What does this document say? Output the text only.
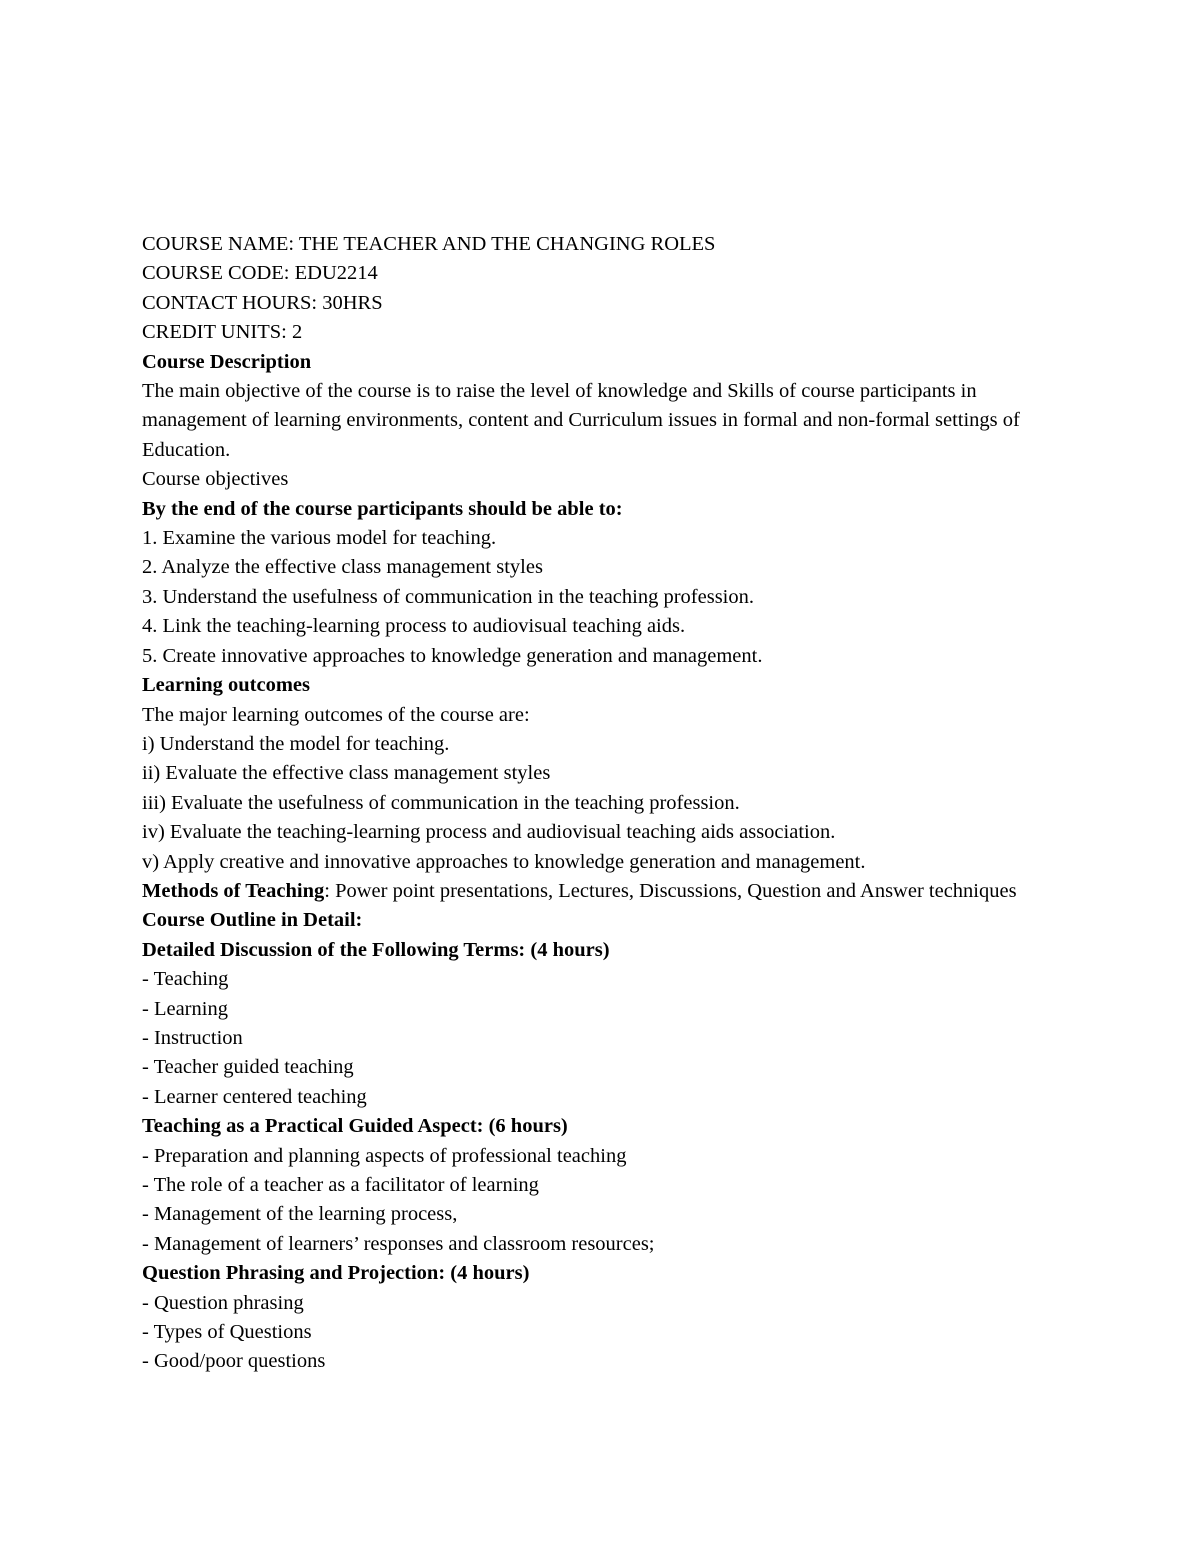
COURSE NAME: THE TEACHER AND THE CHANGING ROLES
COURSE CODE: EDU2214
CONTACT HOURS: 30HRS
CREDIT UNITS: 2
Course Description
The main objective of the course is to raise the level of knowledge and Skills of course participants in management of learning environments, content and Curriculum issues in formal and non-formal settings of Education.
Course objectives
By the end of the course participants should be able to:
1. Examine the various model for teaching.
2. Analyze the effective class management styles
3. Understand the usefulness of communication in the teaching profession.
4. Link the teaching-learning process to audiovisual teaching aids.
5. Create innovative approaches to knowledge generation and management.
Learning outcomes
The major learning outcomes of the course are:
i) Understand the model for teaching.
ii) Evaluate the effective class management styles
iii) Evaluate the usefulness of communication in the teaching profession.
iv) Evaluate the teaching-learning process and audiovisual teaching aids association.
v) Apply creative and innovative approaches to knowledge generation and management.
Methods of Teaching: Power point presentations, Lectures, Discussions, Question and Answer techniques
Course Outline in Detail:
Detailed Discussion of the Following Terms: (4 hours)
- Teaching
- Learning
- Instruction
- Teacher guided teaching
- Learner centered teaching
Teaching as a Practical Guided Aspect: (6 hours)
- Preparation and planning aspects of professional teaching
- The role of a teacher as a facilitator of learning
- Management of the learning process,
- Management of learners’ responses and classroom resources;
Question Phrasing and Projection: (4 hours)
- Question phrasing
- Types of Questions
- Good/poor questions
